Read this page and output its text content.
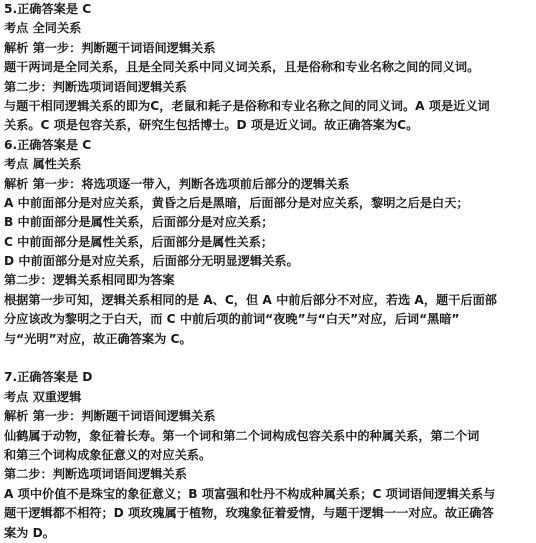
5.正确答案是 C
考点 全同关系
解析 第一步：判断题干词语间逻辑关系
题干两词是全同关系，且是全同关系中同义词关系，且是俗称和专业名称之间的同义词。
第二步：判断选项词语间逻辑关系
与题干相同逻辑关系的即为C，老鼠和耗子是俗称和专业名称之间的同义词。A 项是近义词
关系。C 项是包容关系，研究生包括博士。D 项是近义词。故正确答案为C。
6.正确答案是 C
考点 属性关系
解析 第一步：将选项逐一带入，判断各选项前后部分的逻辑关系
A 中前面部分是对应关系，黄昏之后是黑暗，后面部分是对应关系，黎明之后是白天；
B 中前面部分是属性关系，后面部分是对应关系；
C 中前面部分是属性关系，后面部分是属性关系；
D 中前面部分是对应关系，后面部分无明显逻辑关系。
第二步：逻辑关系相同即为答案
根据第一步可知，逻辑关系相同的是 A、C，但 A 中前后部分不对应，若选 A，题干后面部
分应该改为黎明之于白天，而 C 中前后项的前词“夜晚”与“白天”对应，后词“黑暗”
与“光明”对应，故正确答案为 C。
7.正确答案是 D
考点 双重逻辑
解析 第一步：判断题干词语间逻辑关系
仙鹤属于动物，象征着长寿。第一个词和第二个词构成包容关系中的种属关系，第二个词
和第三个词构成象征意义的对应关系。
第二步：判断选项词语间逻辑关系
A 项中价值不是珠宝的象征意义；B 项富强和牡丹不构成种属关系；C 项词语间逻辑关系与
题干逻辑都不相符；D 项玫瑰属于植物，玫瑰象征着爱情，与题干逻辑一一对应。故正确答
案为 D。
